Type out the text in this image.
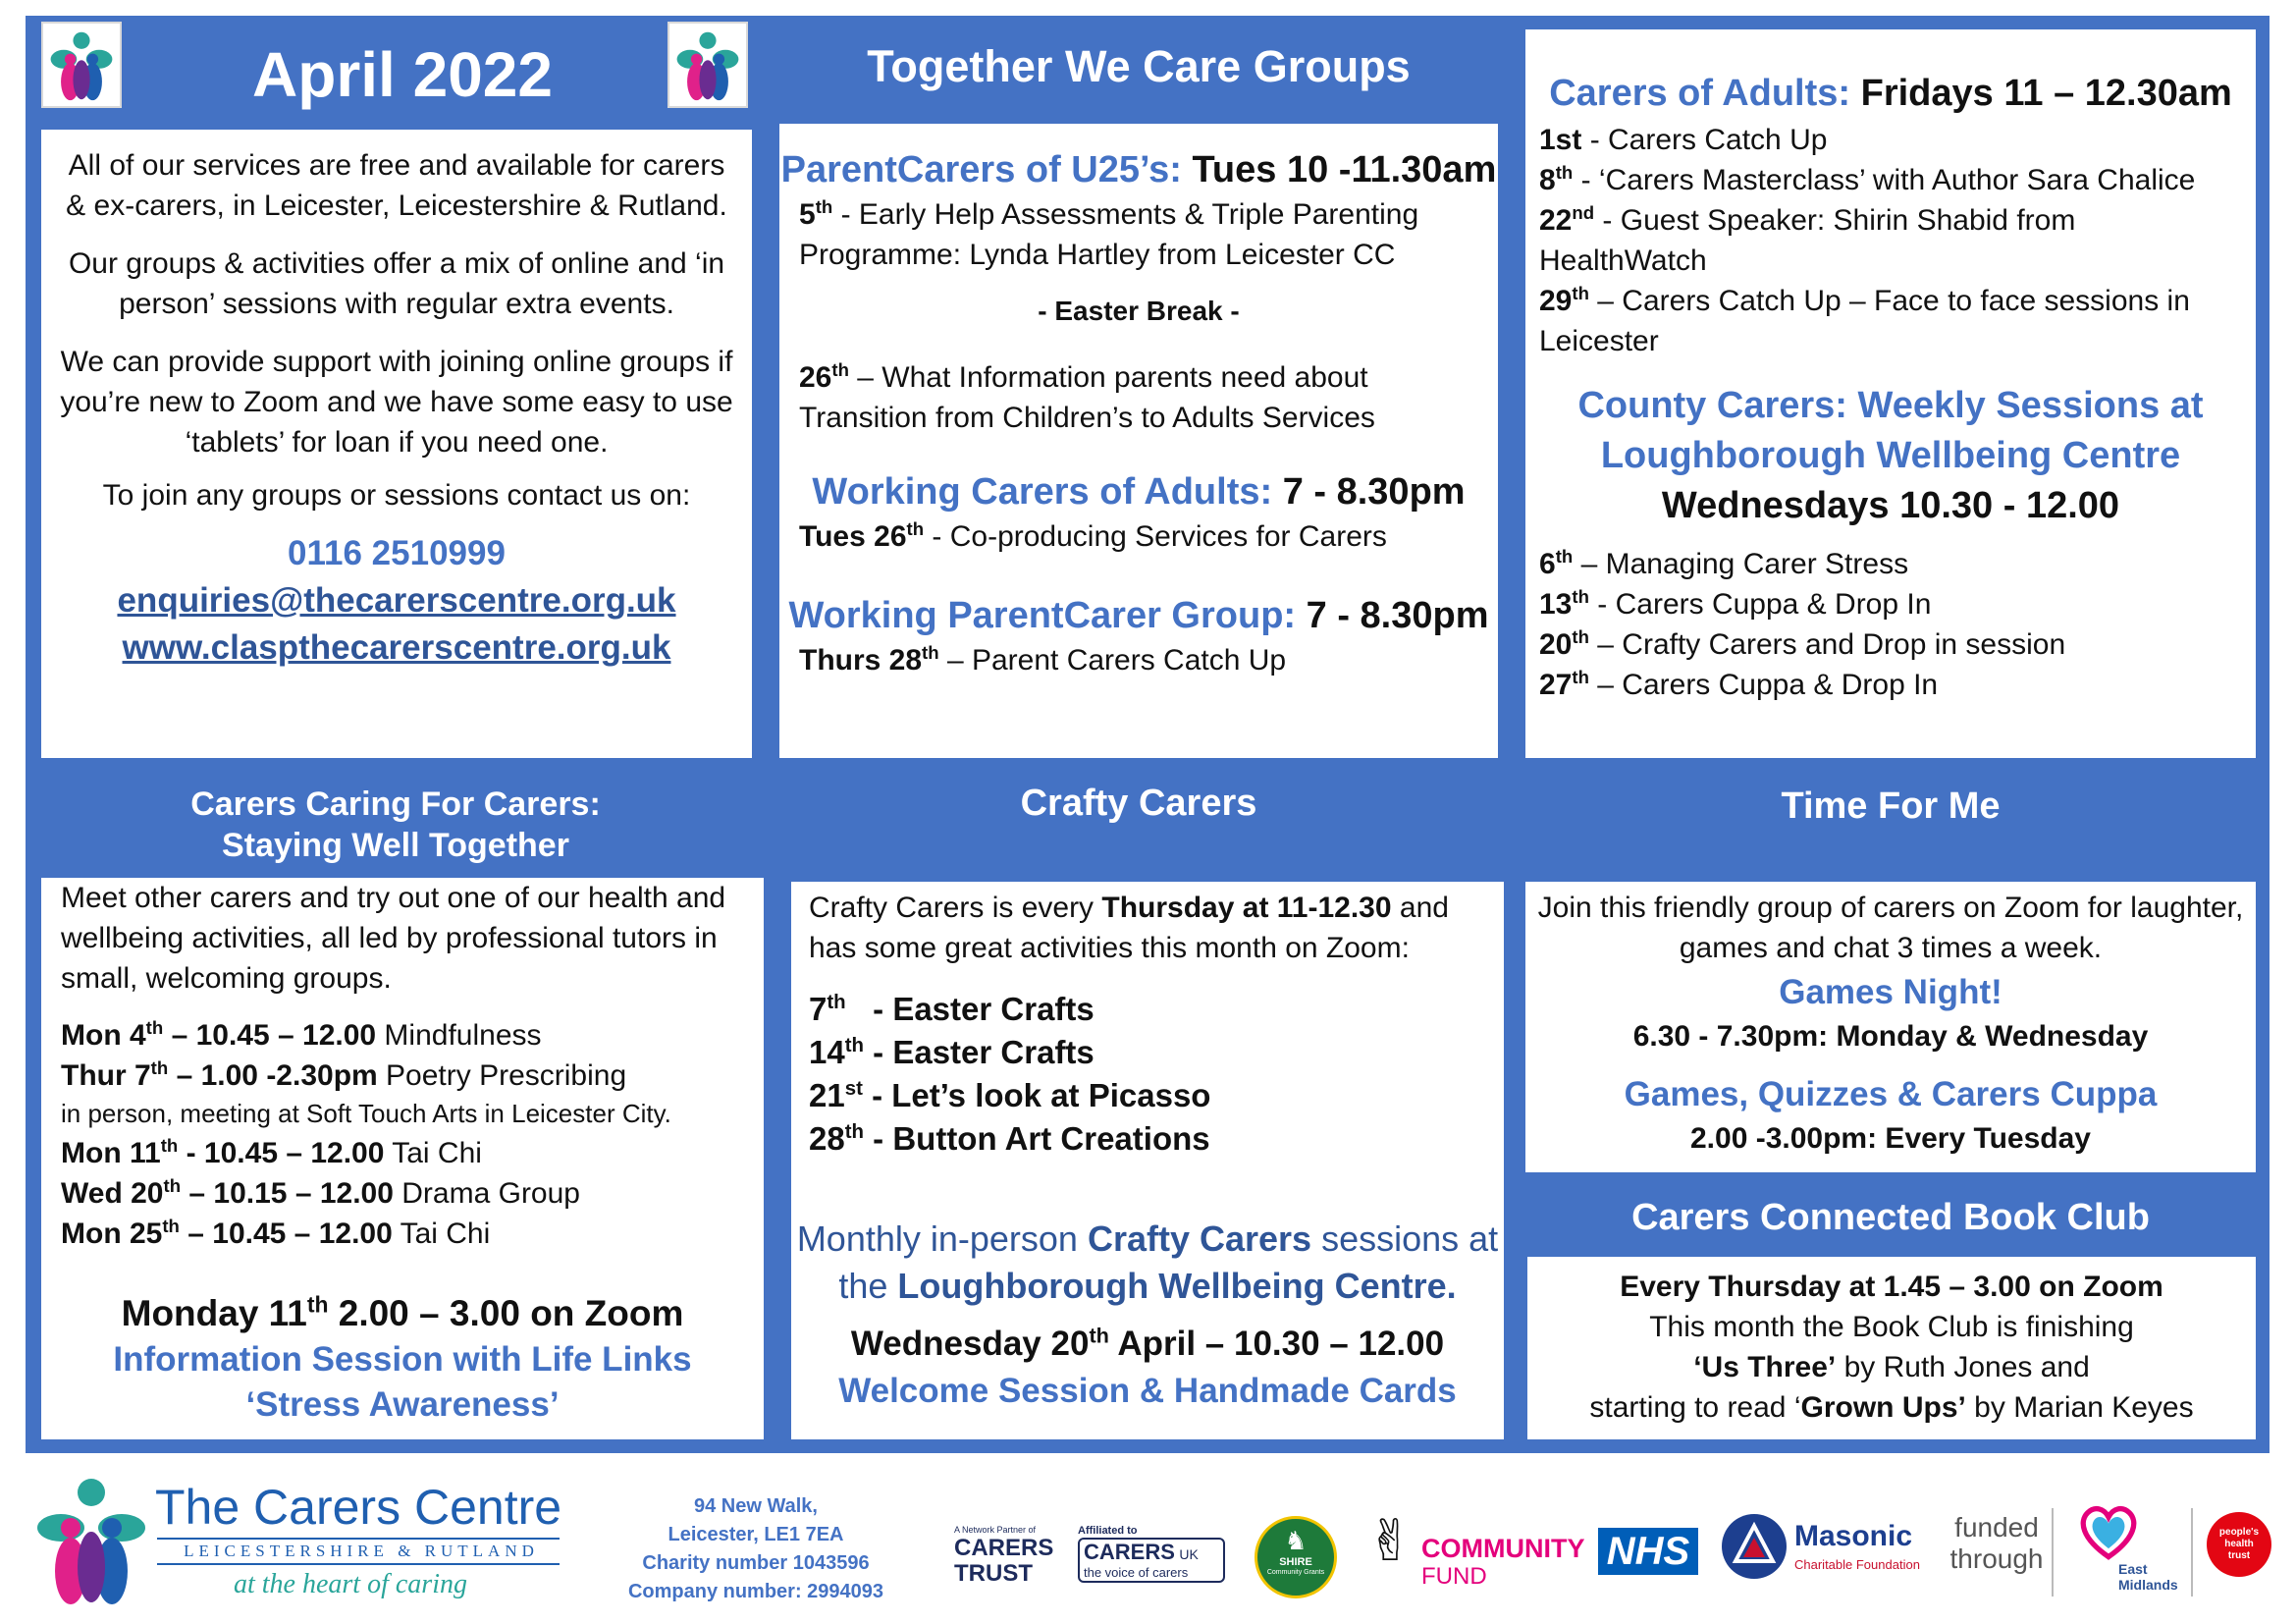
April 2022
All of our services are free and available for carers & ex-carers, in Leicester, Leicestershire & Rutland.
Our groups & activities offer a mix of online and ‘in person’ sessions with regular extra events.
We can provide support with joining online groups if you’re new to Zoom and we have some easy to use ‘tablets’ for loan if you need one.
To join any groups or sessions contact us on:
0116 2510999
enquiries@thecarerscentre.org.uk
www.claspthecarerscentre.org.uk
Together We Care Groups
ParentCarers of U25’s: Tues 10 -11.30am
5th - Early Help Assessments & Triple Parenting Programme: Lynda Hartley from Leicester CC
- Easter Break -
26th – What Information parents need about Transition from Children’s to Adults Services
Working Carers of Adults: 7 - 8.30pm
Tues 26th - Co-producing Services for Carers
Working ParentCarer Group: 7 - 8.30pm
Thurs 28th – Parent Carers Catch Up
Carers of Adults: Fridays 11 – 12.30am
1st - Carers Catch Up
8th - ‘Carers Masterclass’ with Author Sara Chalice
22nd - Guest Speaker: Shirin Shabid from HealthWatch
29th – Carers Catch Up – Face to face sessions in Leicester
County Carers: Weekly Sessions at
Loughborough Wellbeing Centre
Wednesdays 10.30 - 12.00
6th – Managing Carer Stress
13th - Carers Cuppa & Drop In
20th – Crafty Carers and Drop in session
27th – Carers Cuppa & Drop In
Carers Caring For Carers:
Staying Well Together
Meet other carers and try out one of our health and wellbeing activities, all led by professional tutors in small, welcoming groups.
Mon 4th – 10.45 – 12.00 Mindfulness
Thur 7th – 1.00 -2.30pm Poetry Prescribing
in person, meeting at Soft Touch Arts in Leicester City.
Mon 11th - 10.45 – 12.00 Tai Chi
Wed 20th – 10.15 – 12.00 Drama Group
Mon 25th – 10.45 – 12.00 Tai Chi
Monday 11th 2.00 – 3.00 on Zoom
Information Session with Life Links
‘Stress Awareness’
Crafty Carers
Crafty Carers is every Thursday at 11-12.30 and has some great activities this month on Zoom:
7th   - Easter Crafts
14th - Easter Crafts
21st - Let’s look at Picasso
28th - Button Art Creations
Monthly in-person Crafty Carers sessions at the Loughborough Wellbeing Centre.
Wednesday 20th April – 10.30 – 12.00
Welcome Session & Handmade Cards
Time For Me
Join this friendly group of carers on Zoom for laughter, games and chat 3 times a week.
Games Night!
6.30 - 7.30pm: Monday & Wednesday
Games, Quizzes & Carers Cuppa
2.00 -3.00pm: Every Tuesday
Carers Connected Book Club
Every Thursday at 1.45 – 3.00 on Zoom
This month the Book Club is finishing
‘Us Three’ by Ruth Jones and
starting to read ‘Grown Ups’ by Marian Keyes
The Carers Centre
LEICESTERSHIRE & RUTLAND
at the heart of caring
94 New Walk,
Leicester, LE1 7EA
Charity number 1043596
Company number: 2994093
A Network Partner of
CARERS
TRUST
Affiliated to
CARERS UK
the voice of carers
♞
SHIRE
Community Grants ✌ COMMUNITY
FUND
NHS	Masonic
Charitable Foundation
funded through	East
Midlands
people's health trust
